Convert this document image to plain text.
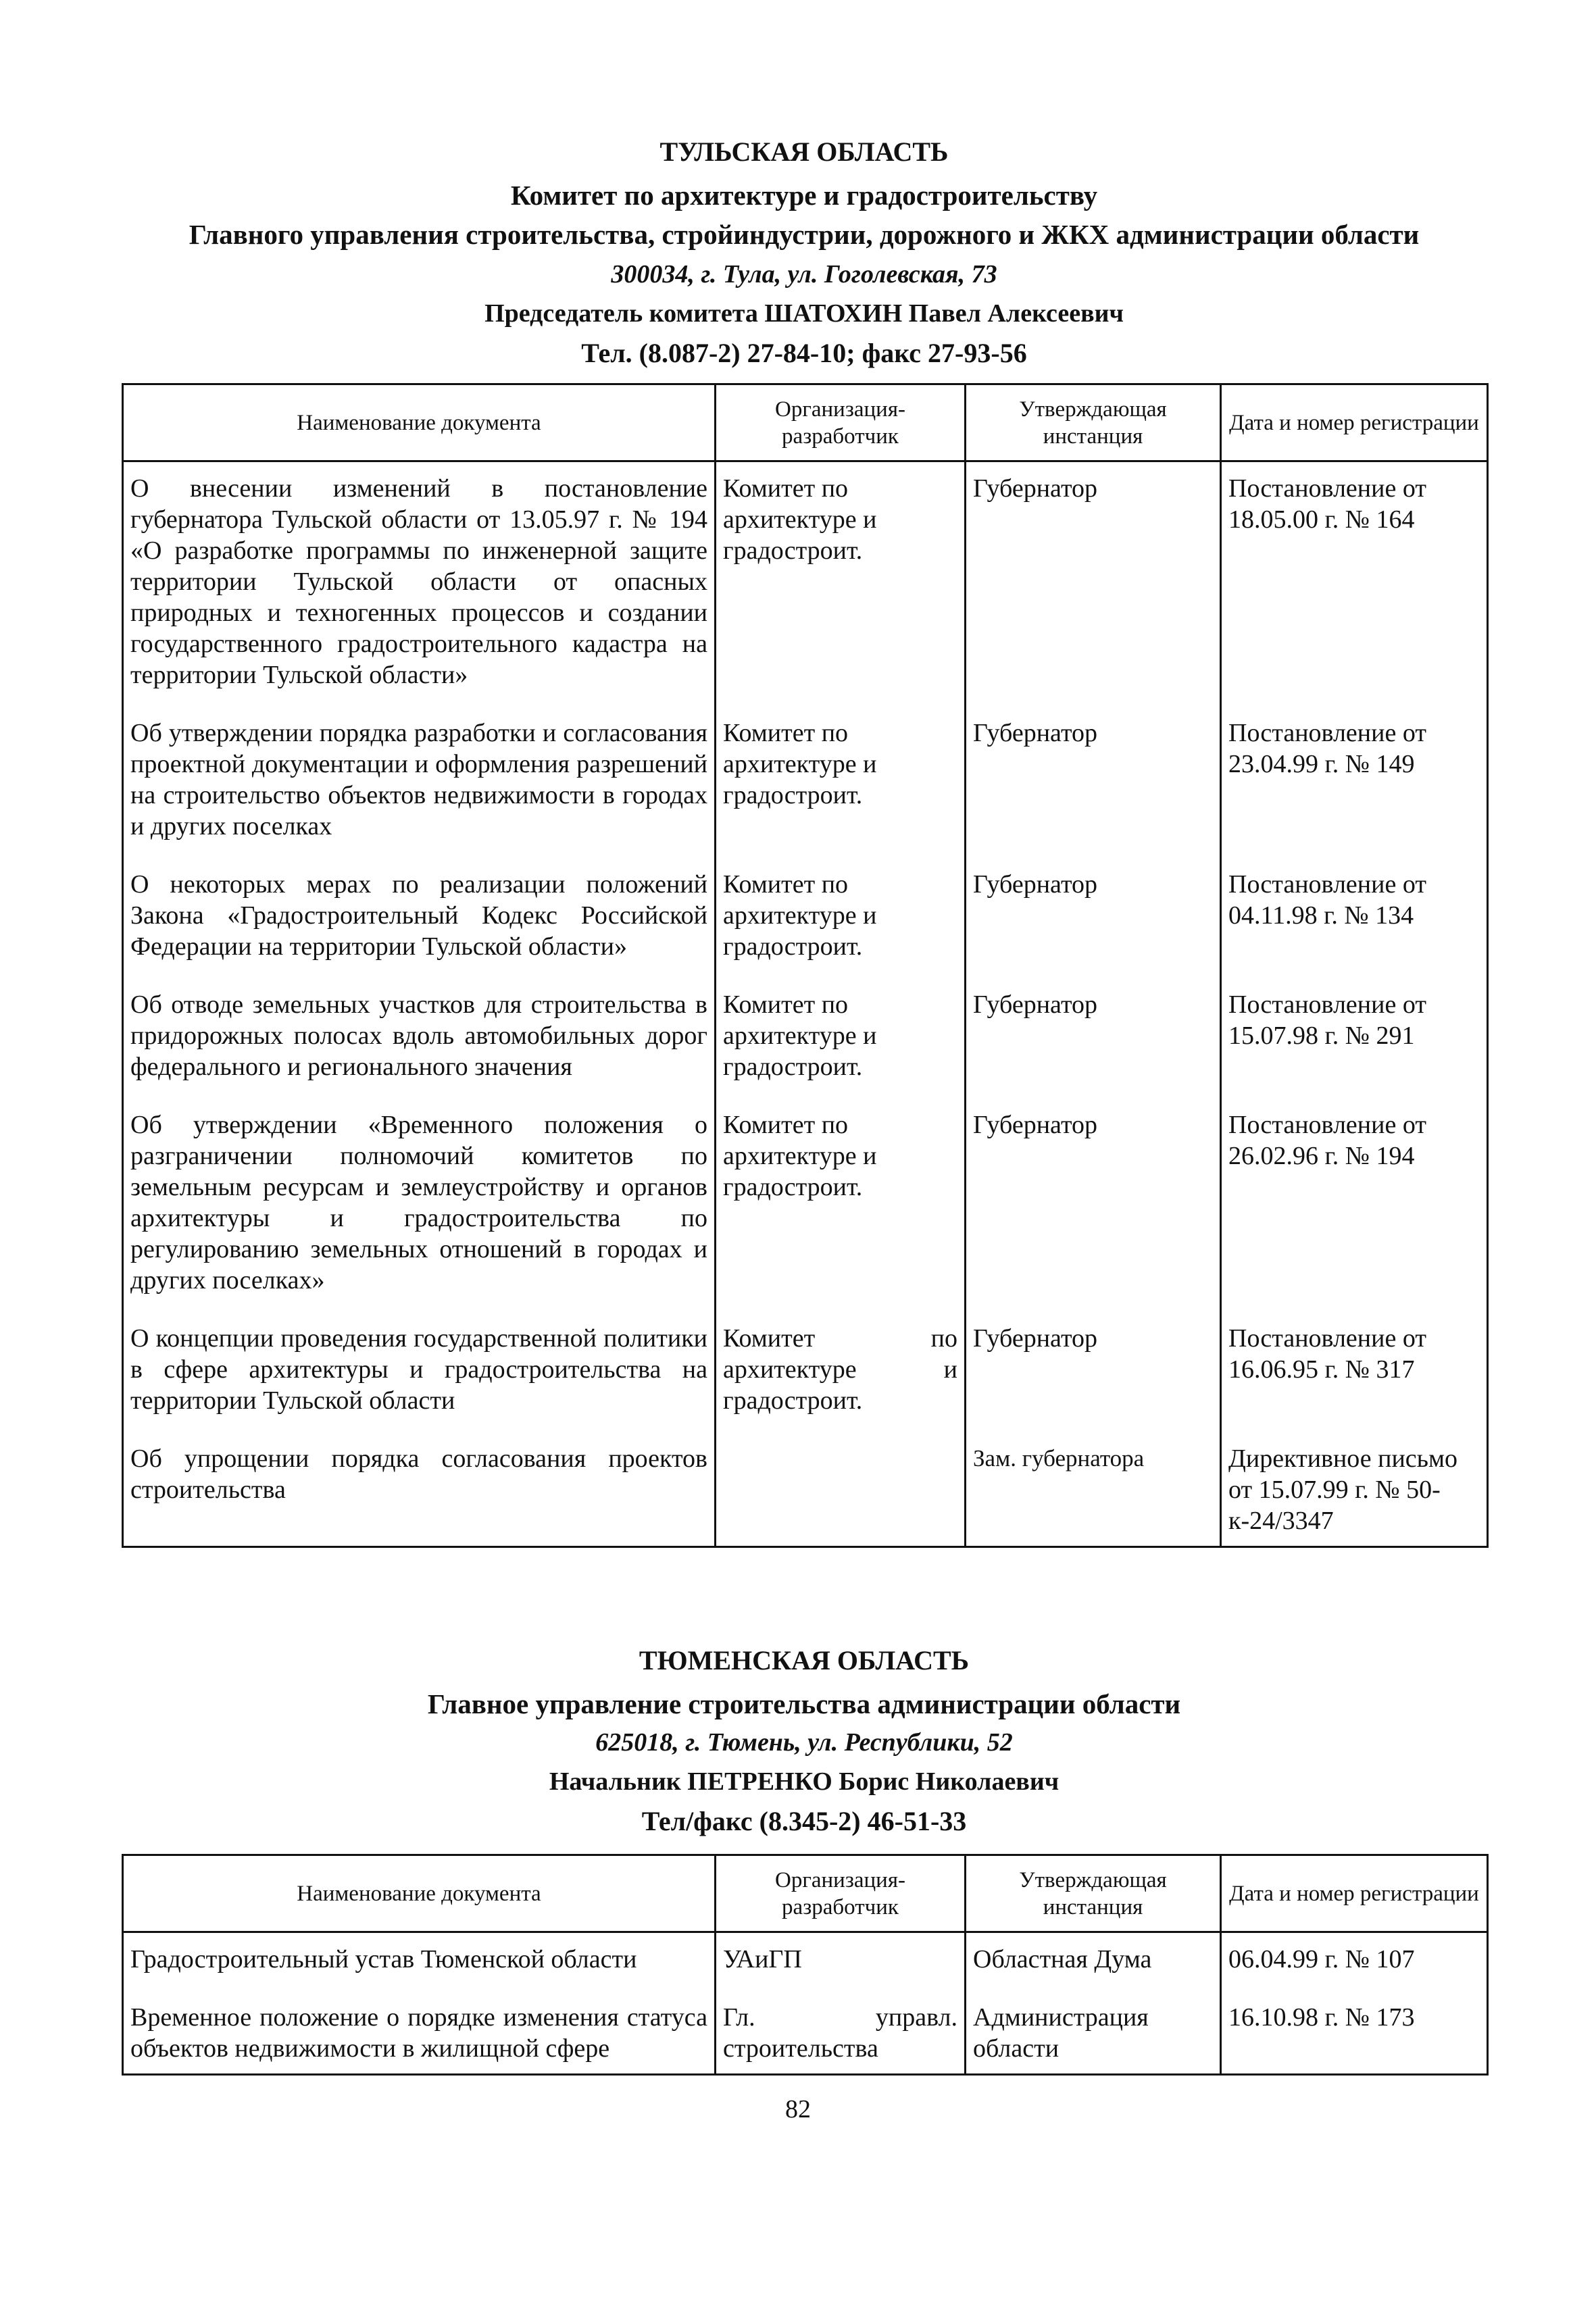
ТУЛЬСКАЯ ОБЛАСТЬ
Комитет по архитектуре и градостроительству
Главного управления строительства, стройиндустрии, дорожного и ЖКХ администрации области
300034, г. Тула, ул. Гоголевская, 73
Председатель комитета ШАТОХИН Павел Алексеевич
Тел. (8.087-2) 27-84-10; факс 27-93-56
Наименование документа	Организация-разработчик	Утверждающая инстанция	Дата и номер регистрации
О внесении изменений в постановление губернатора Тульской области от 13.05.97 г. № 194 «О разработке программы по инженерной защите территории Тульской области от опасных природных и техногенных процессов и создании государственного градостроительного кадастра на территории Тульской области»	Комитет по архитектуре и градостроит.	Губернатор	Постановление от 18.05.00 г. № 164
Об утверждении порядка разработки и согласования проектной документации и оформления разрешений на строительство объектов недвижимости в городах и других поселках	Комитет по архитектуре и градостроит.	Губернатор	Постановление от 23.04.99 г. № 149
О некоторых мерах по реализации положений Закона «Градостроительный Кодекс Российской Федерации на территории Тульской области»	Комитет по архитектуре и градостроит.	Губернатор	Постановление от 04.11.98 г. № 134
Об отводе земельных участков для строительства в придорожных полосах вдоль автомобильных дорог федерального и регионального значения	Комитет по архитектуре и градостроит.	Губернатор	Постановление от 15.07.98 г. № 291
Об утверждении «Временного положения о разграничении полномочий комитетов по земельным ресурсам и землеустройству и органов архитектуры и градостроительства по регулированию земельных отношений в городах и других поселках»	Комитет по архитектуре и градостроит.	Губернатор	Постановление от 26.02.96 г. № 194
О концепции проведения государственной политики в сфере архитектуры и градостроительства на территории Тульской области	Комитет по архитектуре и градостроит.	Губернатор	Постановление от 16.06.95 г. № 317
Об упрощении порядка согласования проектов строительства		Зам. губернатора	Директивное письмо от 15.07.99 г. № 50-к-24/3347
ТЮМЕНСКАЯ ОБЛАСТЬ
Главное управление строительства администрации области
625018, г. Тюмень, ул. Республики, 52
Начальник ПЕТРЕНКО Борис Николаевич
Тел/факс (8.345-2) 46-51-33
Наименование документа	Организация-разработчик	Утверждающая инстанция	Дата и номер регистрации
Градостроительный устав Тюменской области	УАиГП	Областная Дума	06.04.99 г. № 107
Временное положение о порядке изменения статуса объектов недвижимости в жилищной сфере	Гл. управл. строительства	Администрация области	16.10.98 г. № 173
82
